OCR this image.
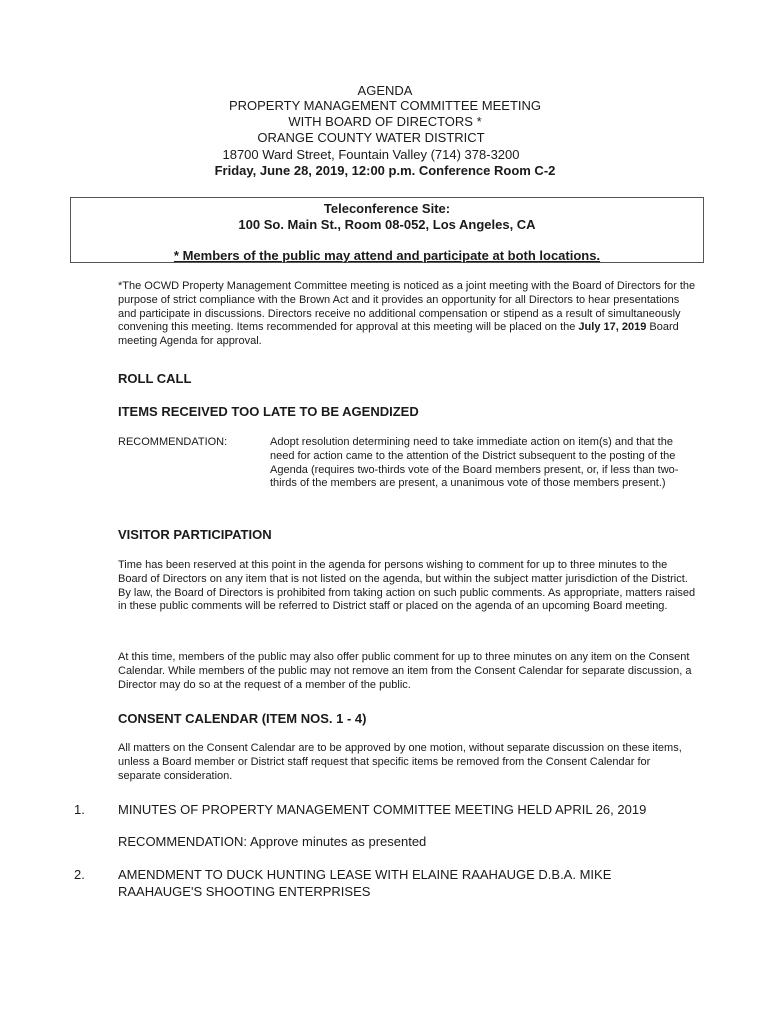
AGENDA
PROPERTY MANAGEMENT COMMITTEE MEETING
WITH BOARD OF DIRECTORS *
ORANGE COUNTY WATER DISTRICT
18700 Ward Street, Fountain Valley (714) 378-3200
Friday, June 28, 2019, 12:00 p.m. Conference Room C-2
Teleconference Site:
100 So. Main St., Room 08-052, Los Angeles, CA
* Members of the public may attend and participate at both locations.
*The OCWD Property Management Committee meeting is noticed as a joint meeting with the Board of Directors for the purpose of strict compliance with the Brown Act and it provides an opportunity for all Directors to hear presentations and participate in discussions. Directors receive no additional compensation or stipend as a result of simultaneously convening this meeting. Items recommended for approval at this meeting will be placed on the July 17, 2019 Board meeting Agenda for approval.
ROLL CALL
ITEMS RECEIVED TOO LATE TO BE AGENDIZED
RECOMMENDATION:	Adopt resolution determining need to take immediate action on item(s) and that the need for action came to the attention of the District subsequent to the posting of the Agenda (requires two-thirds vote of the Board members present, or, if less than two-thirds of the members are present, a unanimous vote of those members present.)
VISITOR PARTICIPATION
Time has been reserved at this point in the agenda for persons wishing to comment for up to three minutes to the Board of Directors on any item that is not listed on the agenda, but within the subject matter jurisdiction of the District. By law, the Board of Directors is prohibited from taking action on such public comments. As appropriate, matters raised in these public comments will be referred to District staff or placed on the agenda of an upcoming Board meeting.
At this time, members of the public may also offer public comment for up to three minutes on any item on the Consent Calendar. While members of the public may not remove an item from the Consent Calendar for separate discussion, a Director may do so at the request of a member of the public.
CONSENT CALENDAR (ITEM NOS. 1 - 4)
All matters on the Consent Calendar are to be approved by one motion, without separate discussion on these items, unless a Board member or District staff request that specific items be removed from the Consent Calendar for separate consideration.
1.	MINUTES OF PROPERTY MANAGEMENT COMMITTEE MEETING HELD APRIL 26, 2019
RECOMMENDATION: Approve minutes as presented
2.	AMENDMENT TO DUCK HUNTING LEASE WITH ELAINE RAAHAUGE D.B.A. MIKE RAAHAUGE'S SHOOTING ENTERPRISES
